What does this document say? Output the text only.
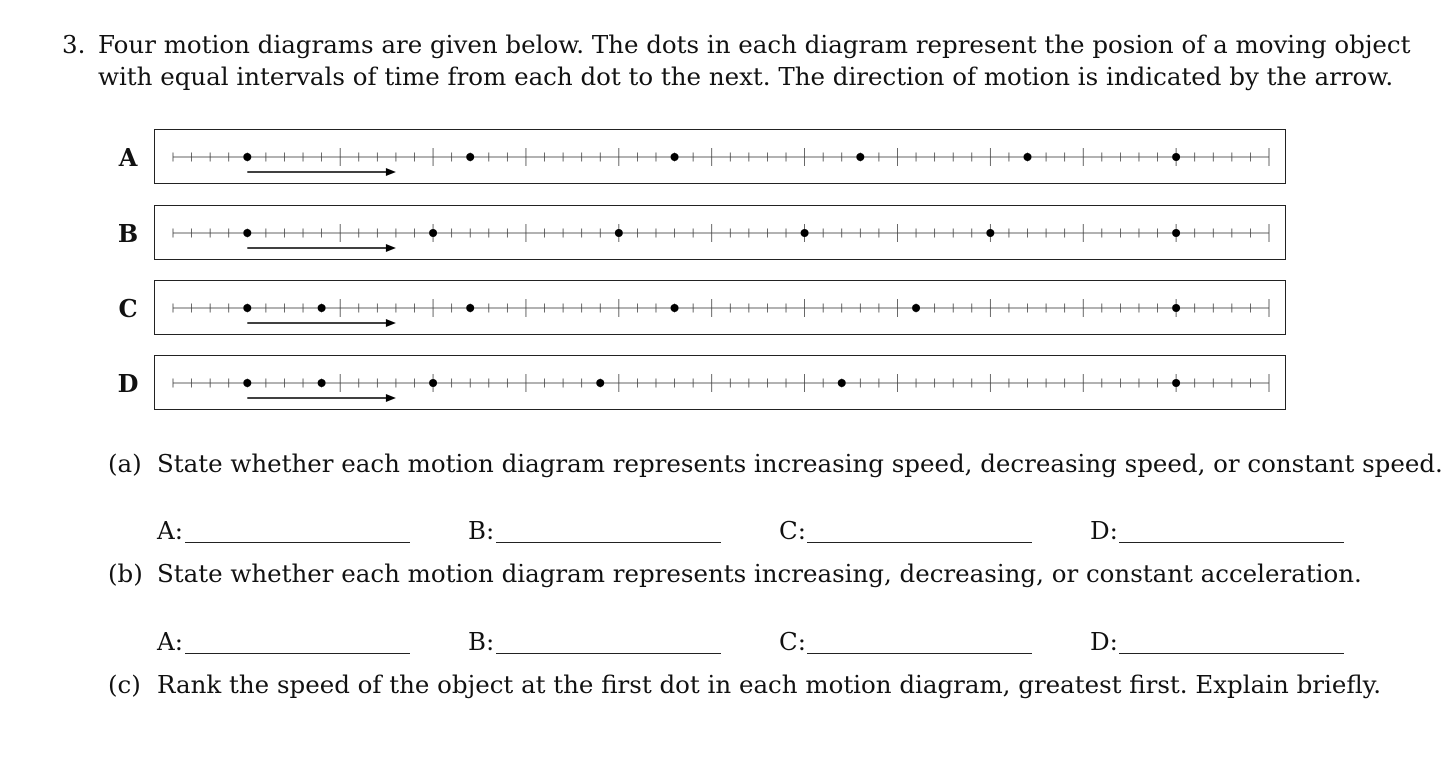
3. Four motion diagrams are given below. The dots in each diagram represent the posion of a moving object
with equal intervals of time from each dot to the next. The direction of motion is indicated by the arrow.
A
B
C
D
(a) State whether each motion diagram represents increasing speed, decreasing speed, or constant speed.
A:	B:	C:	D:
(b) State whether each motion diagram represents increasing, decreasing, or constant acceleration.
A:	B:	C:	D:
(c) Rank the speed of the object at the first dot in each motion diagram, greatest first. Explain briefly.
